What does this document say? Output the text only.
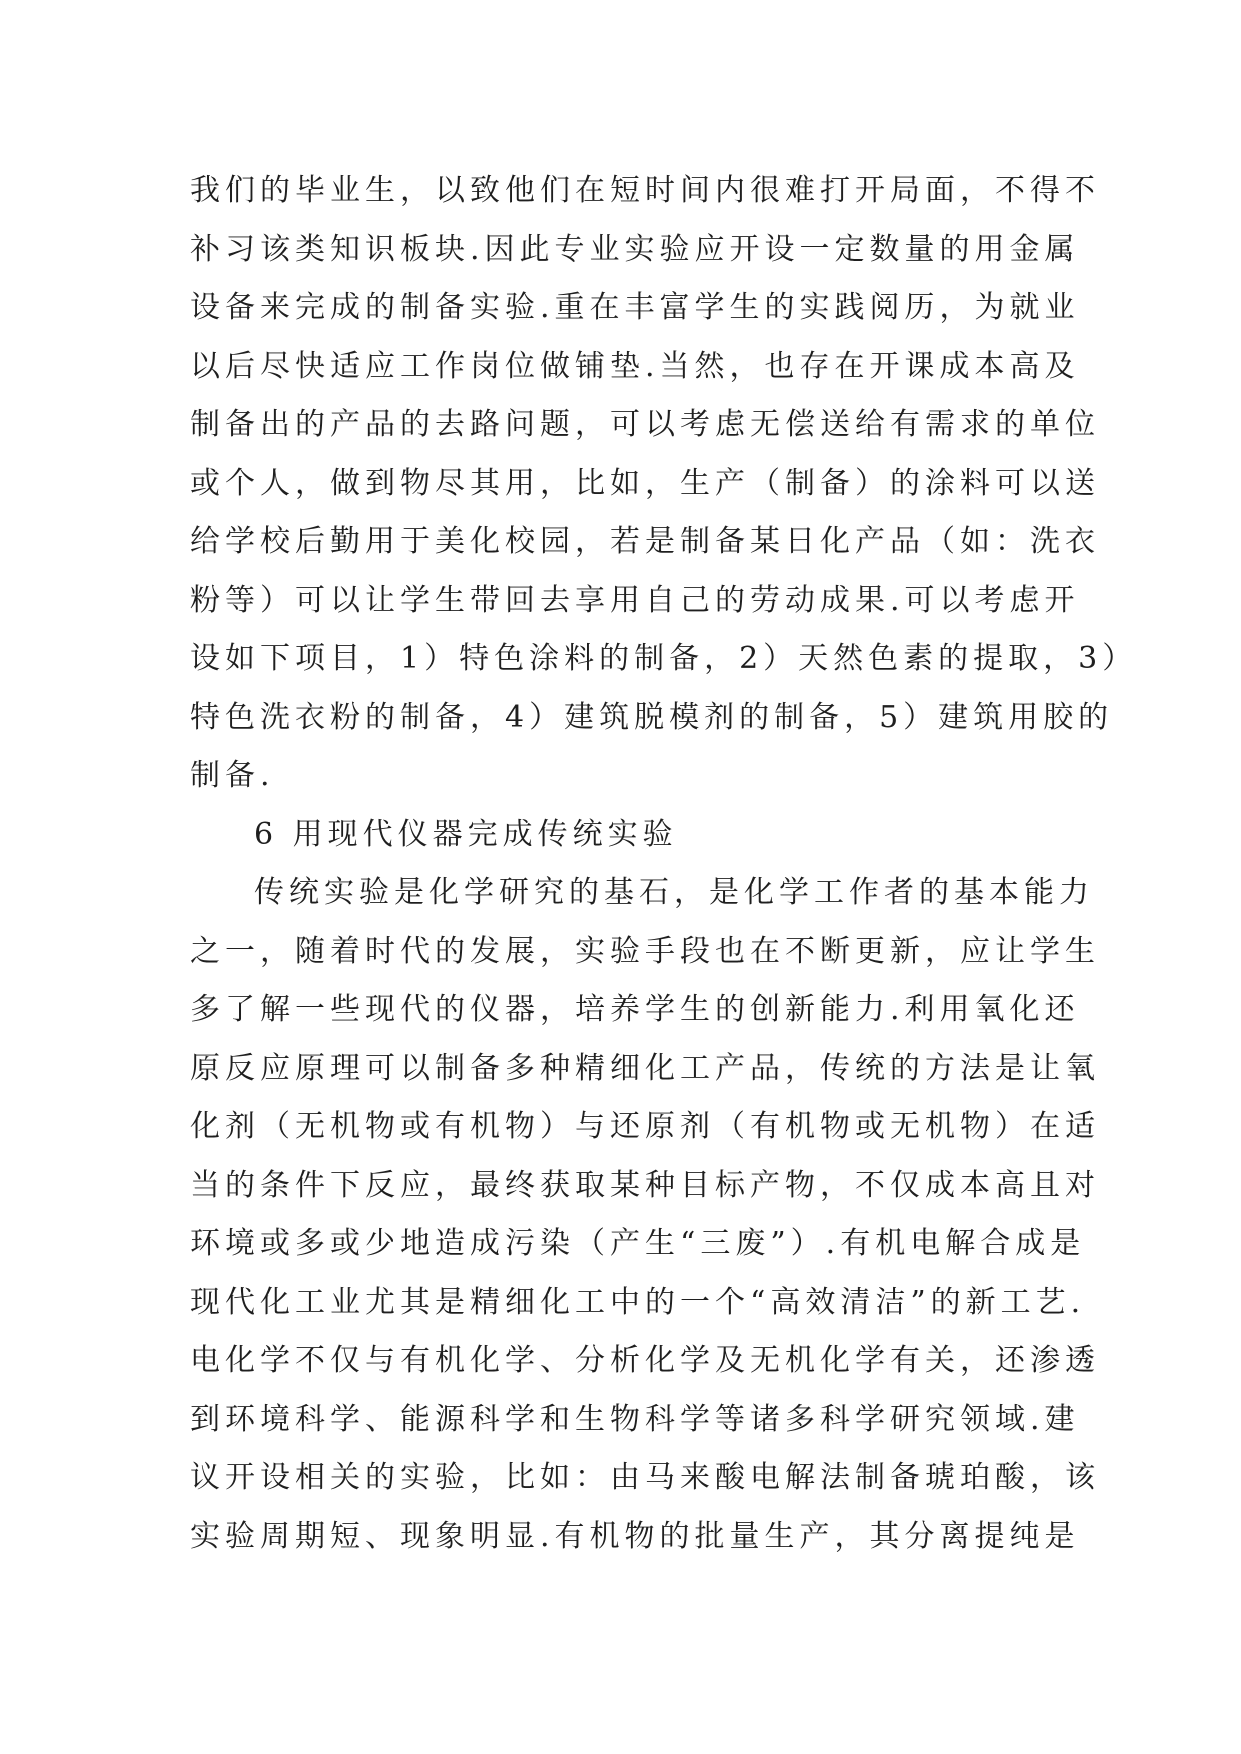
我们的毕业生，以致他们在短时间内很难打开局面，不得不
补习该类知识板块.因此专业实验应开设一定数量的用金属
设备来完成的制备实验.重在丰富学生的实践阅历，为就业
以后尽快适应工作岗位做铺垫.当然，也存在开课成本高及
制备出的产品的去路问题，可以考虑无偿送给有需求的单位
或个人，做到物尽其用，比如，生产（制备）的涂料可以送
给学校后勤用于美化校园，若是制备某日化产品（如：洗衣
粉等）可以让学生带回去享用自己的劳动成果.可以考虑开
设如下项目，1）特色涂料的制备，2）天然色素的提取，3）
特色洗衣粉的制备，4）建筑脱模剂的制备，5）建筑用胶的
制备.
6 用现代仪器完成传统实验
传统实验是化学研究的基石，是化学工作者的基本能力
之一，随着时代的发展，实验手段也在不断更新，应让学生
多了解一些现代的仪器，培养学生的创新能力.利用氧化还
原反应原理可以制备多种精细化工产品，传统的方法是让氧
化剂（无机物或有机物）与还原剂（有机物或无机物）在适
当的条件下反应，最终获取某种目标产物，不仅成本高且对
环境或多或少地造成污染（产生“三废”）.有机电解合成是
现代化工业尤其是精细化工中的一个“高效清洁”的新工艺.
电化学不仅与有机化学、分析化学及无机化学有关，还渗透
到环境科学、能源科学和生物科学等诸多科学研究领域.建
议开设相关的实验，比如：由马来酸电解法制备琥珀酸，该
实验周期短、现象明显.有机物的批量生产，其分离提纯是
